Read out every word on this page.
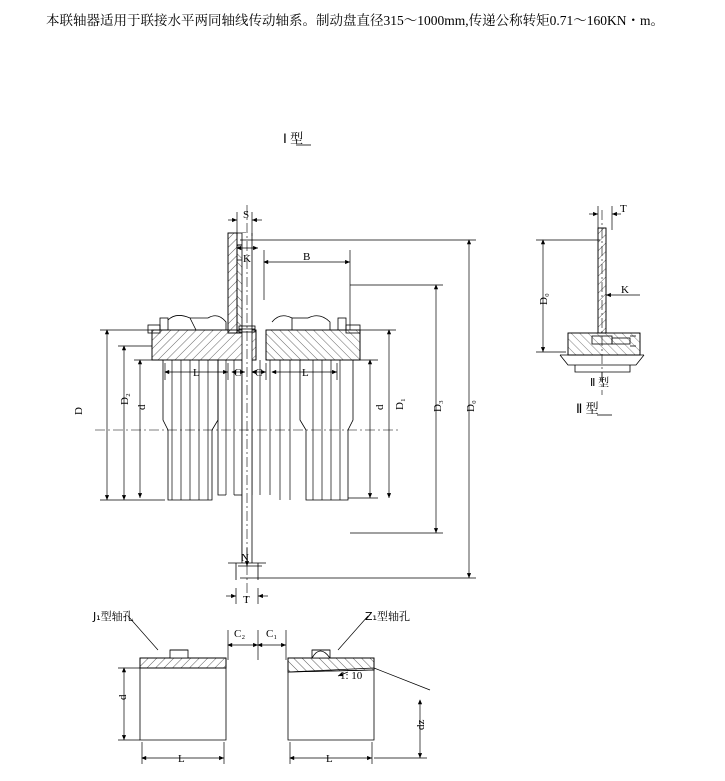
本联轴器适用于联接水平两同轴线传动轴系。制动盘直径315～1000mm,传递公称转矩0.71～160KN・m。
Ⅰ 型
Ⅱ 型
S
K	B
L	C C	L
D
D₂
d	d D₁ D₃ D₀
N
T
T
K
D₀
Ⅱ 型
J₁型轴孔	Z₁型轴孔
C₂ C₁
1: 10
d
dz
L	L
